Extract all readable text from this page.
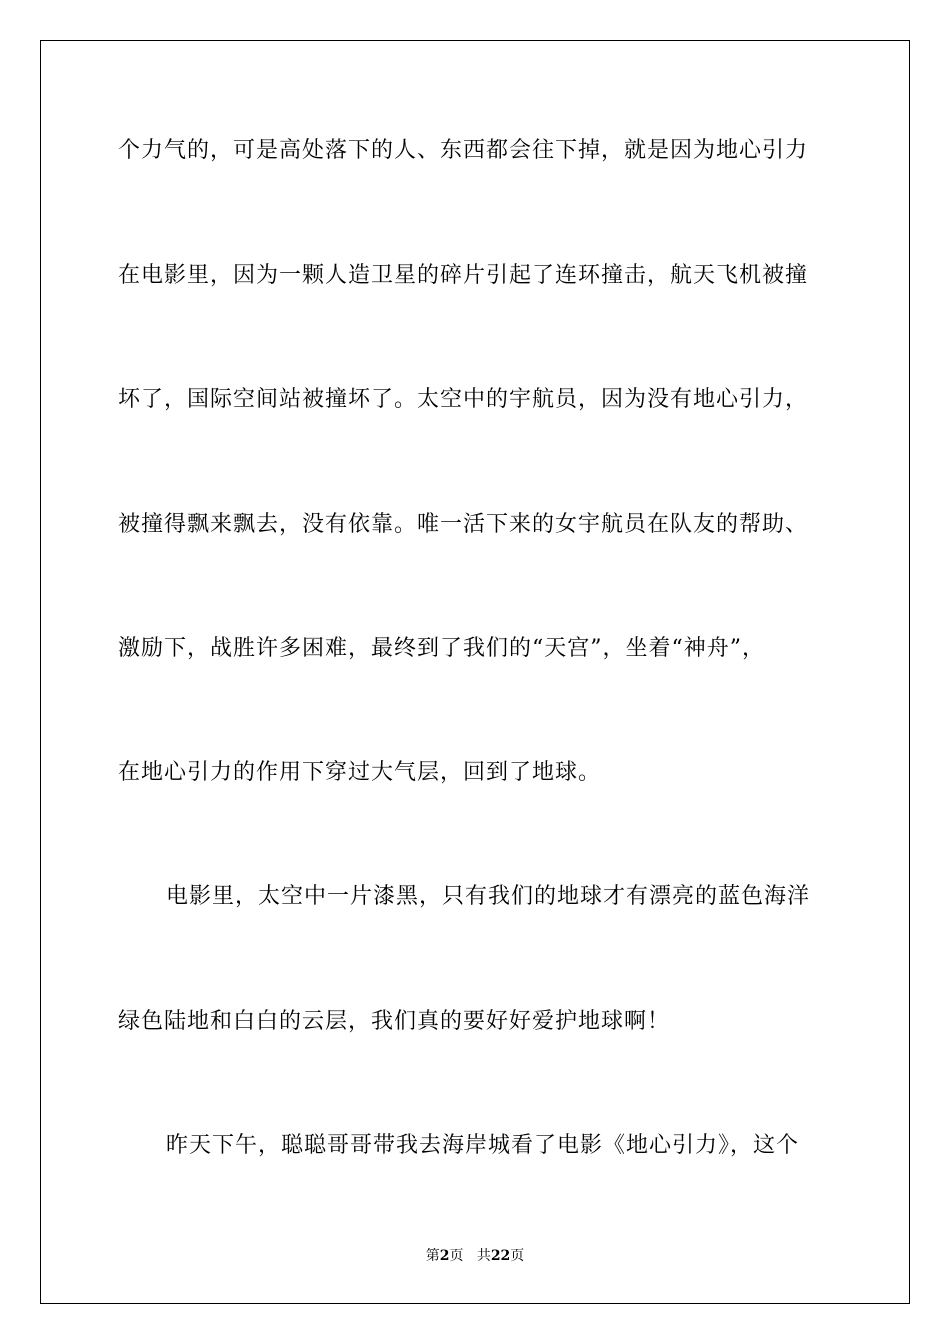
个力气的，可是高处落下的人、东西都会往下掉，就是因为地心引力
在电影里，因为一颗人造卫星的碎片引起了连环撞击，航天飞机被撞
坏了，国际空间站被撞坏了。太空中的宇航员，因为没有地心引力，
被撞得飘来飘去，没有依靠。唯一活下来的女宇航员在队友的帮助、
激励下，战胜许多困难，最终到了我们的“天宫”，坐着“神舟”，
在地心引力的作用下穿过大气层，回到了地球。
电影里，太空中一片漆黑，只有我们的地球才有漂亮的蓝色海洋
绿色陆地和白白的云层，我们真的要好好爱护地球啊！
昨天下午，聪聪哥哥带我去海岸城看了电影《地心引力》，这个
第2页 共22页
